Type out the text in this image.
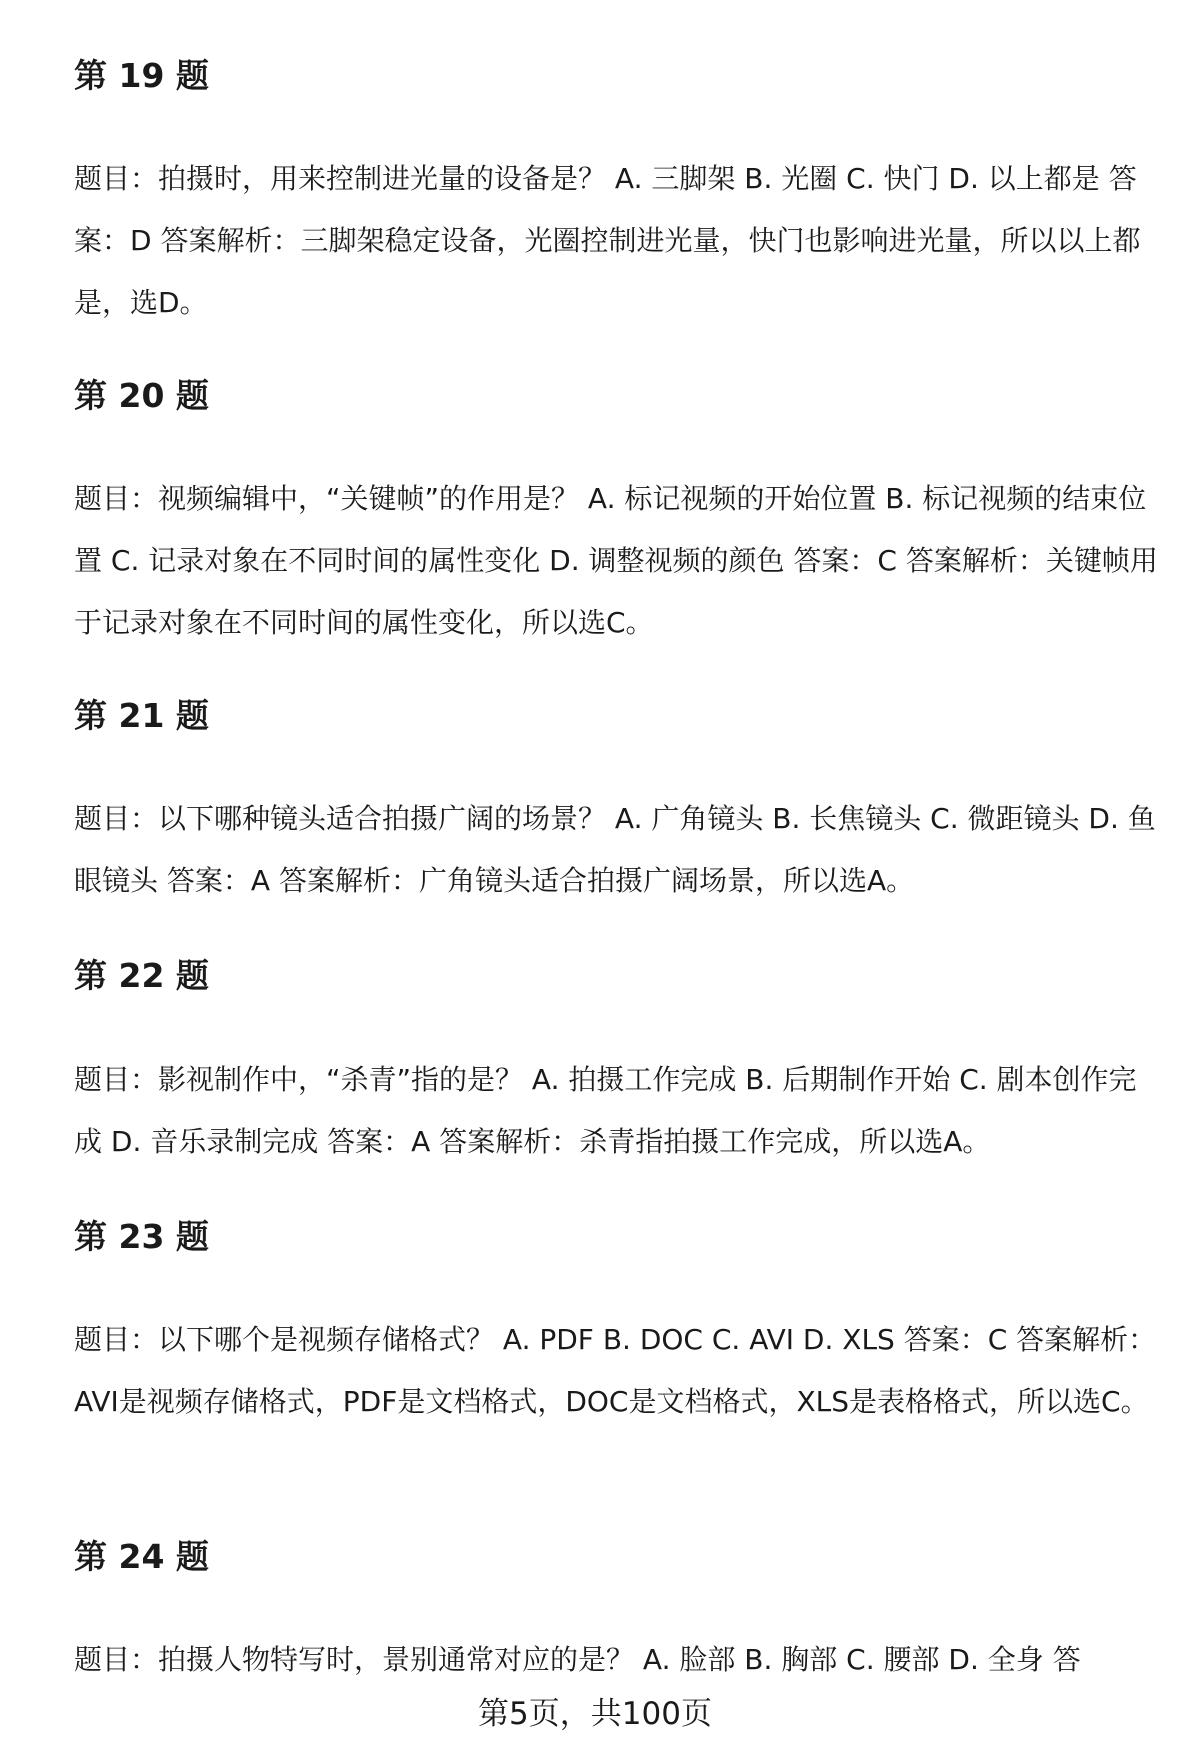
第 19 题
题目：拍摄时，用来控制进光量的设备是？ A. 三脚架 B. 光圈 C. 快门 D. 以上都是 答案：D 答案解析：三脚架稳定设备，光圈控制进光量，快门也影响进光量，所以以上都是，选D。
第 20 题
题目：视频编辑中，“关键帧”的作用是？ A. 标记视频的开始位置 B. 标记视频的结束位置 C. 记录对象在不同时间的属性变化 D. 调整视频的颜色 答案：C 答案解析：关键帧用于记录对象在不同时间的属性变化，所以选C。
第 21 题
题目：以下哪种镜头适合拍摄广阔的场景？ A. 广角镜头 B. 长焦镜头 C. 微距镜头 D. 鱼眼镜头 答案：A 答案解析：广角镜头适合拍摄广阔场景，所以选A。
第 22 题
题目：影视制作中，“杀青”指的是？ A. 拍摄工作完成 B. 后期制作开始 C. 剧本创作完成 D. 音乐录制完成 答案：A 答案解析：杀青指拍摄工作完成，所以选A。
第 23 题
题目：以下哪个是视频存储格式？ A. PDF B. DOC C. AVI D. XLS 答案：C 答案解析：AVI是视频存储格式，PDF是文档格式，DOC是文档格式，XLS是表格格式，所以选C。
第 24 题
题目：拍摄人物特写时，景别通常对应的是？ A. 脸部 B. 胸部 C. 腰部 D. 全身 答
第5页，共100页
